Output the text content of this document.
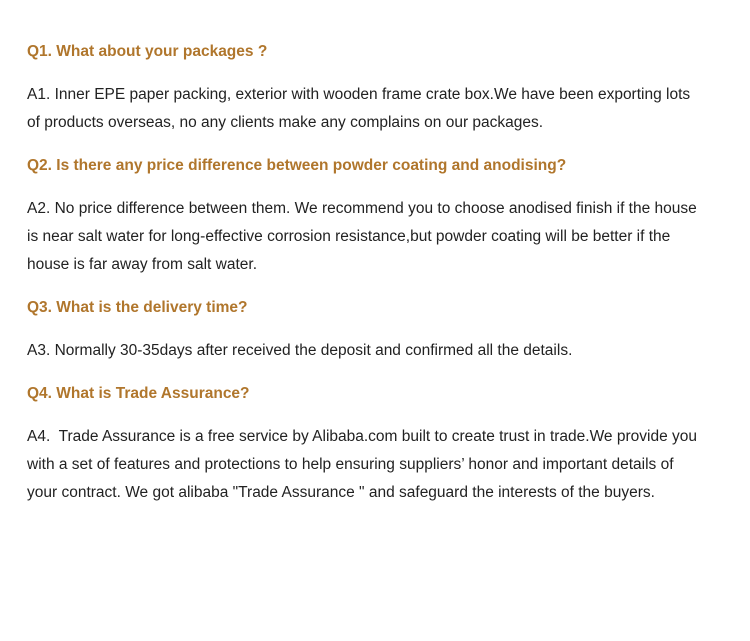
Q1. What about your packages ?

A1. Inner EPE paper packing, exterior with wooden frame crate box.We have been exporting lots

of products overseas, no any clients make any complains on our packages.

Q2. Is there any price difference between powder coating and anodising?

A2. No price difference between them. We recommend you to choose anodised finish if the house

is near salt water for long-effective corrosion resistance,but powder coating will be better if the

house is far away from salt water.

Q3. What is the delivery time?

A3. Normally 30-35days after received the deposit and confirmed all the details.

Q4. What is Trade Assurance?

A4.  Trade Assurance is a free service by Alibaba.com built to create trust in trade.We provide you

with a set of features and protections to help ensuring suppliers’ honor and important details of

your contract. We got alibaba "Trade Assurance " and safeguard the interests of the buyers.
